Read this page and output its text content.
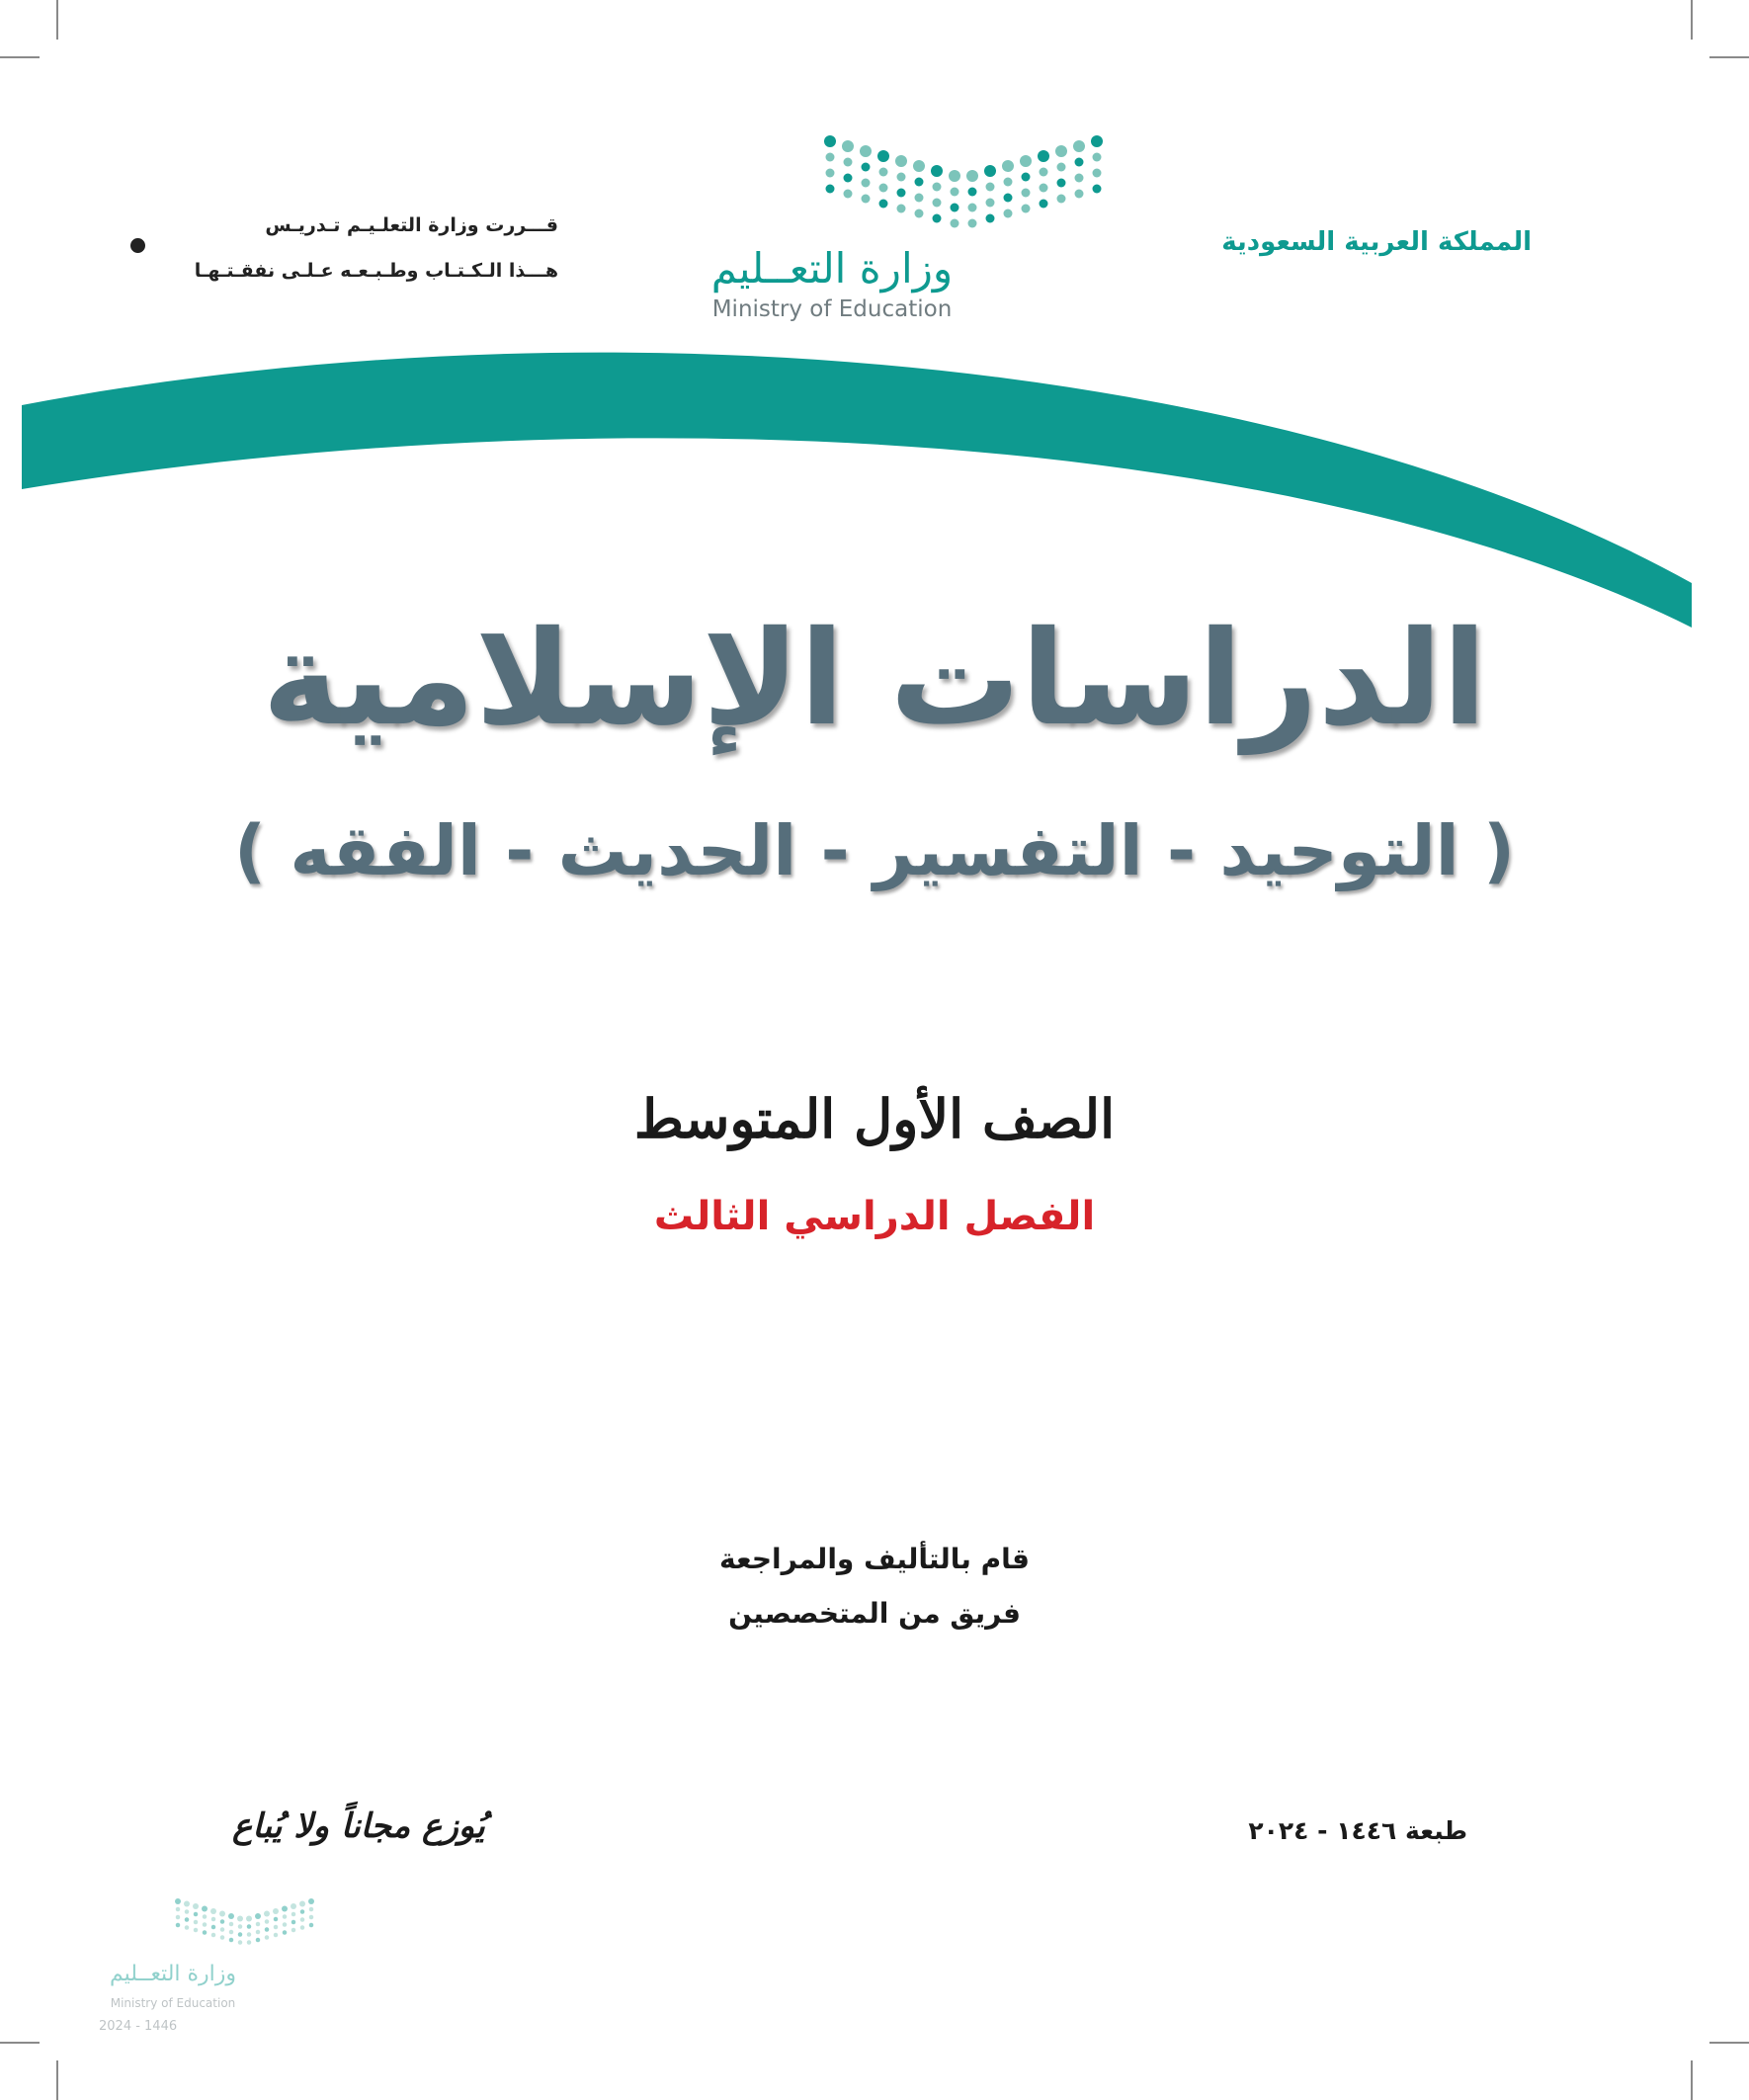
المملكة العربية السعودية
وزارة التعــليم
Ministry of Education
قـــررت وزارة التعلـيـم تـدريـس
هـــذا الـكـتـاب وطـبـعـه عـلـى نفقـتـهـا
الدراسات الإسلامية
( التوحيد - التفسير - الحديث - الفقه )
الصف الأول المتوسط
الفصل الدراسي الثالث
قام بالتأليف والمراجعة
فريق من المتخصصين
طبعة ١٤٤٦ - ٢٠٢٤
يُوزع مجاناً ولا يُباع
وزارة التعــليم
Ministry of Education
2024 - 1446
